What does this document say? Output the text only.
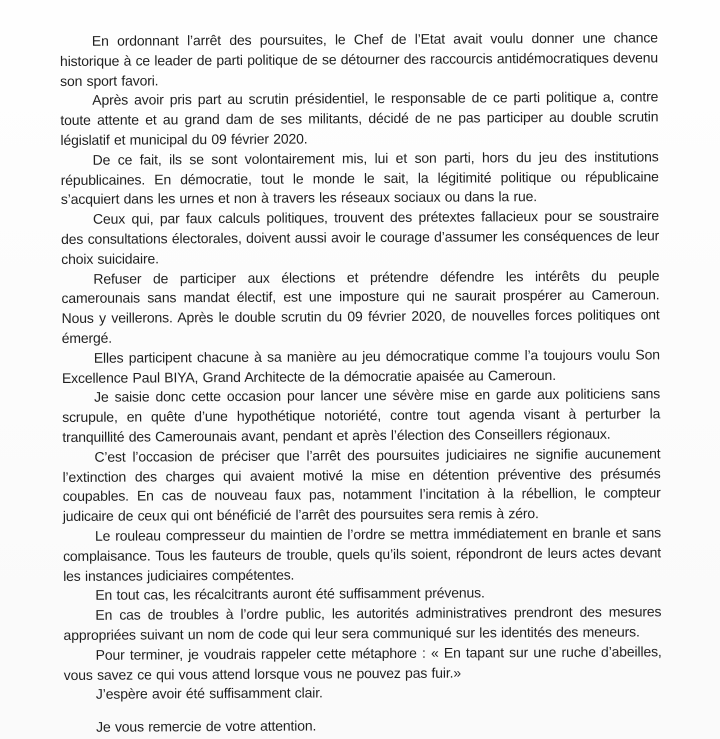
En ordonnant l’arrêt des poursuites, le Chef de l’Etat avait voulu donner une chance historique à ce leader de parti politique de se détourner des raccourcis antidémocratiques devenu son sport favori.

Après avoir pris part au scrutin présidentiel, le responsable de ce parti politique a, contre toute attente et au grand dam de ses militants, décidé de ne pas participer au double scrutin législatif et municipal du 09 février 2020.

De ce fait, ils se sont volontairement mis, lui et son parti, hors du jeu des institutions républicaines. En démocratie, tout le monde le sait, la légitimité politique ou républicaine s’acquiert dans les urnes et non à travers les réseaux sociaux ou dans la rue.

Ceux qui, par faux calculs politiques, trouvent des prétextes fallacieux pour se soustraire des consultations électorales, doivent aussi avoir le courage d’assumer les conséquences de leur choix suicidaire.

Refuser de participer aux élections et prétendre défendre les intérêts du peuple camerounais sans mandat électif, est une imposture qui ne saurait prospérer au Cameroun. Nous y veillerons. Après le double scrutin du 09 février 2020, de nouvelles forces politiques ont émergé.

Elles participent chacune à sa manière au jeu démocratique comme l’a toujours voulu Son Excellence Paul BIYA, Grand Architecte de la démocratie apaisée au Cameroun.

Je saisie donc cette occasion pour lancer une sévère mise en garde aux politiciens sans scrupule, en quête d’une hypothétique notoriété, contre tout agenda visant à perturber la tranquillité des Camerounais avant, pendant et après l’élection des Conseillers régionaux.

C’est l’occasion de préciser que l’arrêt des poursuites judiciaires ne signifie aucunement l’extinction des charges qui avaient motivé la mise en détention préventive des présumés coupables. En cas de nouveau faux pas, notamment l’incitation à la rébellion, le compteur judicaire de ceux qui ont bénéficié de l’arrêt des poursuites sera remis à zéro.

Le rouleau compresseur du maintien de l’ordre se mettra immédiatement en branle et sans complaisance. Tous les fauteurs de trouble, quels qu’ils soient, répondront de leurs actes devant les instances judiciaires compétentes.

En tout cas, les récalcitrants auront été suffisamment prévenus.

En cas de troubles à l’ordre public, les autorités administratives prendront des mesures appropriées suivant un nom de code qui leur sera communiqué sur les identités des meneurs.

Pour terminer, je voudrais rappeler cette métaphore : « En tapant sur une ruche d’abeilles, vous savez ce qui vous attend lorsque vous ne pouvez pas fuir.»

J’espère avoir été suffisamment clair.

Je vous remercie de votre attention.
